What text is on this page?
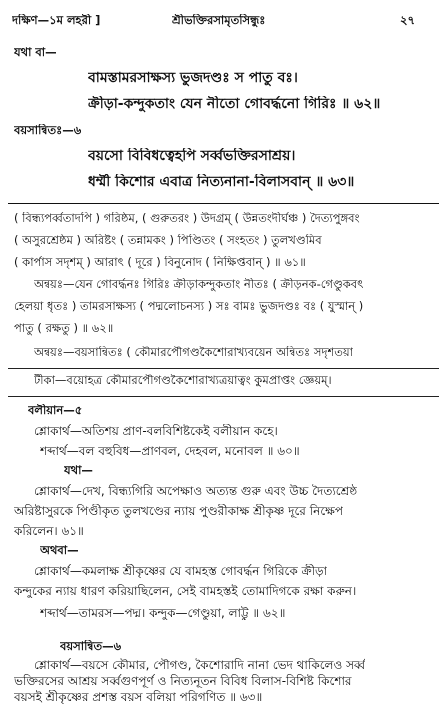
দক্ষিণ—১ম লহরী ]	শ্রীভক্তিরসামৃতসিন্ধুঃ	২৭
যথা বা—
বামস্তামরসাক্ষস্য ভুজদণ্ডঃ স পাতু বঃ।
ক্রীড়া-কন্দুকতাং যেন নীতো গোবর্দ্ধনো গিরিঃ ॥ ৬২॥
বয়সান্বিতঃ—৬
বয়সো বিবিধত্বেহপি সর্ব্বভক্তিরসাশ্রয়।
ধর্ম্মী কিশোর এবাত্র নিত্যনানা-বিলাসবান্ ॥ ৬৩॥
( বিন্ধ্যপর্ব্বতাদপি ) গরিষ্ঠম, ( গুরুতরং ) উদগ্রম্ ( উন্নতংদীর্ঘঞ্চ ) দৈত্যপুঙ্গবং
( অসুরশ্রেষ্ঠম ) অরিষ্টং ( তন্নামকং ) পিণ্ডিতং ( সংহতং ) তুলখণ্ডমিব
( কার্পাস সদৃশম্ ) আরাৎ ( দূরে ) বিনুনোদ ( নিক্ষিপ্তবান্ ) ॥ ৬১॥
অন্বয়ঃ—যেন গোবর্দ্ধনঃ গিরিঃ ক্রীড়াকন্দুকতাং নীতঃ ( ক্রীড়নক-গেণ্ডুকবৎ
হেলয়া ধৃতঃ ) তামরসাক্ষস্য ( পদ্মলোচনস্য ) সঃ বামঃ ভুজদণ্ডঃ বঃ ( যুস্মান্ )
পাতু ( রক্ষতু ) ॥ ৬২॥
অন্বয়ঃ—বয়সান্বিতঃ ( কৌমারপৌগণ্ডকৈশোরাখ্যবয়েন অন্বিতঃ সদৃশতয়া
টীকা—বয়োহত্র কৌমারপৌগণ্ডকৈশোরাখ্যত্রয়াত্বং কুমপ্রাপ্তং জ্ঞেয়ম্।
বলীয়ান—৫
শ্লোকার্থ—অতিশয় প্রাণ-বলবিশিষ্টকেই বলীয়ান কহে।
শব্দার্থ—বল বহুবিধ—প্রাণবল, দেহবল, মনোবল ॥ ৬০॥
যথা—
শ্লোকার্থ—দেখ, বিন্ধ্যগিরি অপেক্ষাও অত্যন্ত গুরু এবং উচ্চ দৈত্যশ্রেষ্ঠ
অরিষ্টাসুরকে পিণ্ডীকৃত তুলখণ্ডের ন্যায় পুণ্ডরীকাক্ষ শ্রীকৃষ্ণ দূরে নিক্ষেপ
করিলেন। ৬১॥
অথবা—
শ্লোকার্থ—কমলাক্ষ শ্রীকৃষ্ণের যে বামহস্ত গোবর্দ্ধন গিরিকে ক্রীড়া
কন্দুকের ন্যায় ধারণ করিয়াছিলেন, সেই বামহস্তই তোমাদিগকে রক্ষা করুন।
শব্দার্থ—তামরস—পদ্ম। কন্দুক—গেণ্ডুয়া, লাট্টু ॥ ৬২॥
বয়সান্বিত—৬
শ্লোকার্থ—বয়সে কৌমার, পৌগণ্ড, কৈশোরাদি নানা ভেদ থাকিলেও সর্ব্ব
ভক্তিরসের আশ্রয় সর্ব্বগুণপূর্ণ ও নিত্যনূতন বিবিধ বিলাস-বিশিষ্ট কিশোর
বয়সই শ্রীকৃষ্ণের প্রশস্ত বয়স বলিয়া পরিগণিত ॥ ৬৩॥
